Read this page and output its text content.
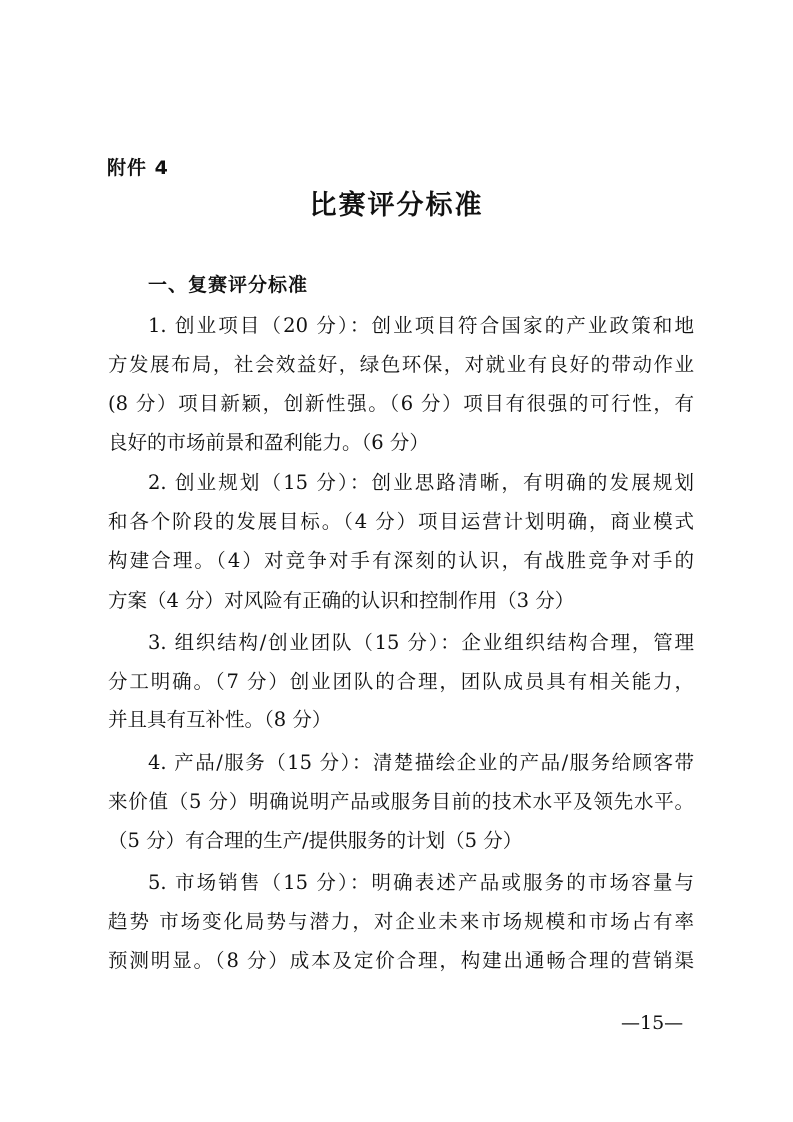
附件 4
比赛评分标准
一、复赛评分标准
1. 创业项目（20 分）：创业项目符合国家的产业政策和地
方发展布局，社会效益好，绿色环保，对就业有良好的带动作业
(8 分）项目新颖，创新性强。（6 分）项目有很强的可行性，有
良好的市场前景和盈利能力。（6 分）
2. 创业规划（15 分）：创业思路清晰，有明确的发展规划
和各个阶段的发展目标。（4 分）项目运营计划明确，商业模式
构建合理。（4）对竞争对手有深刻的认识，有战胜竞争对手的
方案（4 分）对风险有正确的认识和控制作用（3 分）
3. 组织结构/创业团队（15 分）：企业组织结构合理，管理
分工明确。（7 分）创业团队的合理，团队成员具有相关能力，
并且具有互补性。（8 分）
4. 产品/服务（15 分）：清楚描绘企业的产品/服务给顾客带
来价值（5 分）明确说明产品或服务目前的技术水平及领先水平。
（5 分）有合理的生产/提供服务的计划（5 分）
5. 市场销售（15 分）：明确表述产品或服务的市场容量与
趋势 市场变化局势与潜力，对企业未来市场规模和市场占有率
预测明显。（8 分）成本及定价合理，构建出通畅合理的营销渠
—15—
